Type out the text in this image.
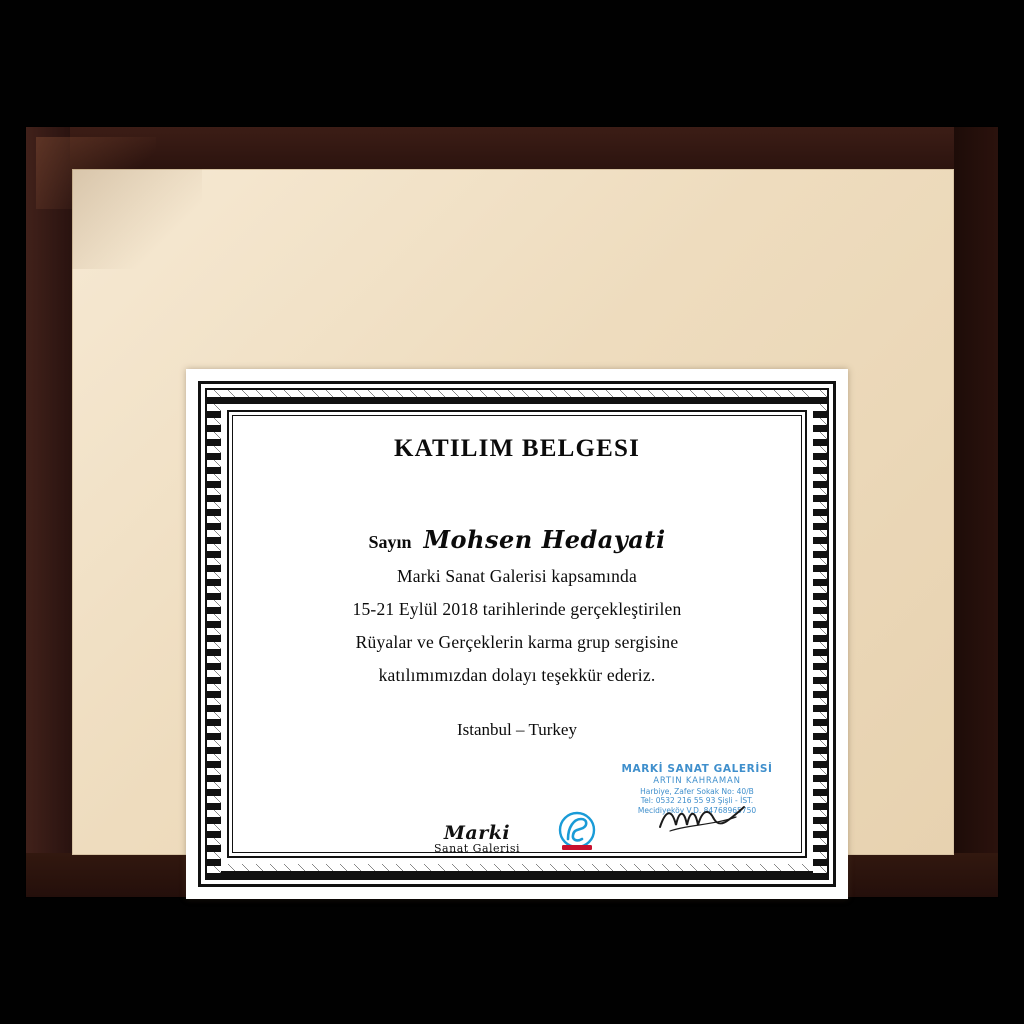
KATILIM BELGESI
Sayın Mohsen Hedayati
Marki Sanat Galerisi kapsamında
15-21 Eylül 2018 tarihlerinde gerçekleştirilen
Rüyalar ve Gerçeklerin karma grup sergisine
katılımımızdan dolayı teşekkür ederiz.
Istanbul – Turkey
MARKİ SANAT GALERİSİ
ARTIN KAHRAMAN
Harbiye, Zafer Sokak No: 40/B
Tel: 0532 216 55 93 Şişli - İST.
Mecidiyeköy V.D. 84768965750
Marki
Sanat Galerisi
